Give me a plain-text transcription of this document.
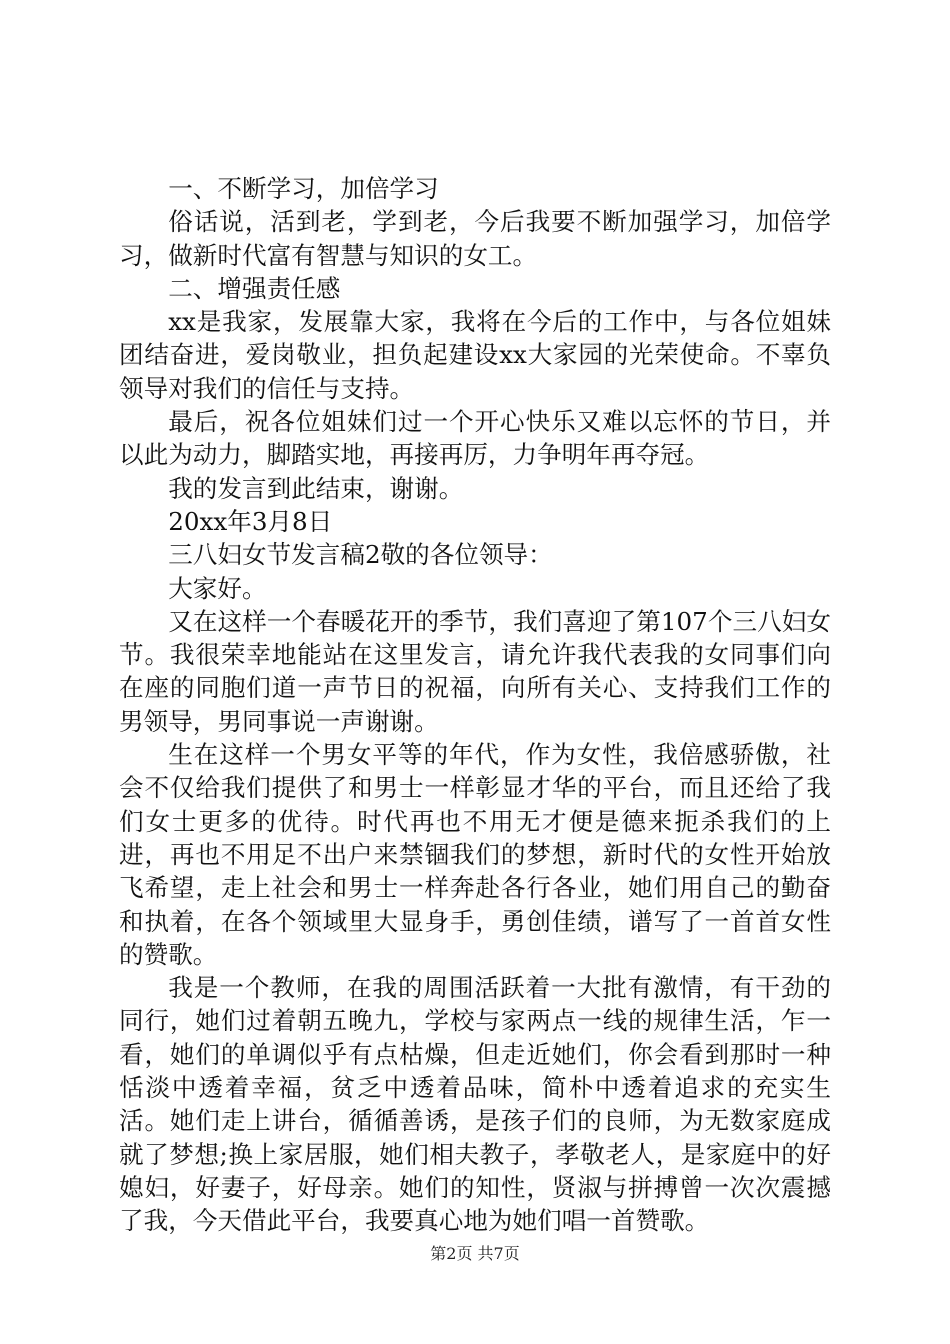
一、不断学习，加倍学习

俗话说，活到老，学到老，今后我要不断加强学习，加倍学习，做新时代富有智慧与知识的女工。

二、增强责任感

xx是我家，发展靠大家，我将在今后的工作中，与各位姐妹团结奋进，爱岗敬业，担负起建设xx大家园的光荣使命。不辜负领导对我们的信任与支持。

最后，祝各位姐妹们过一个开心快乐又难以忘怀的节日，并以此为动力，脚踏实地，再接再厉，力争明年再夺冠。

我的发言到此结束，谢谢。

20xx年3月8日

三八妇女节发言稿2敬的各位领导：

大家好。

又在这样一个春暖花开的季节，我们喜迎了第107个三八妇女节。我很荣幸地能站在这里发言，请允许我代表我的女同事们向在座的同胞们道一声节日的祝福，向所有关心、支持我们工作的男领导，男同事说一声谢谢。

生在这样一个男女平等的年代，作为女性，我倍感骄傲，社会不仅给我们提供了和男士一样彰显才华的平台，而且还给了我们女士更多的优待。时代再也不用无才便是德来扼杀我们的上进，再也不用足不出户来禁锢我们的梦想，新时代的女性开始放飞希望，走上社会和男士一样奔赴各行各业，她们用自己的勤奋和执着，在各个领域里大显身手，勇创佳绩，谱写了一首首女性的赞歌。

我是一个教师，在我的周围活跃着一大批有激情，有干劲的同行，她们过着朝五晚九，学校与家两点一线的规律生活，乍一看，她们的单调似乎有点枯燥，但走近她们，你会看到那时一种恬淡中透着幸福，贫乏中透着品味，简朴中透着追求的充实生活。她们走上讲台，循循善诱，是孩子们的良师，为无数家庭成就了梦想;换上家居服，她们相夫教子，孝敬老人，是家庭中的好媳妇，好妻子，好母亲。她们的知性，贤淑与拼搏曾一次次震撼了我，今天借此平台，我要真心地为她们唱一首赞歌。

第2页 共7页
